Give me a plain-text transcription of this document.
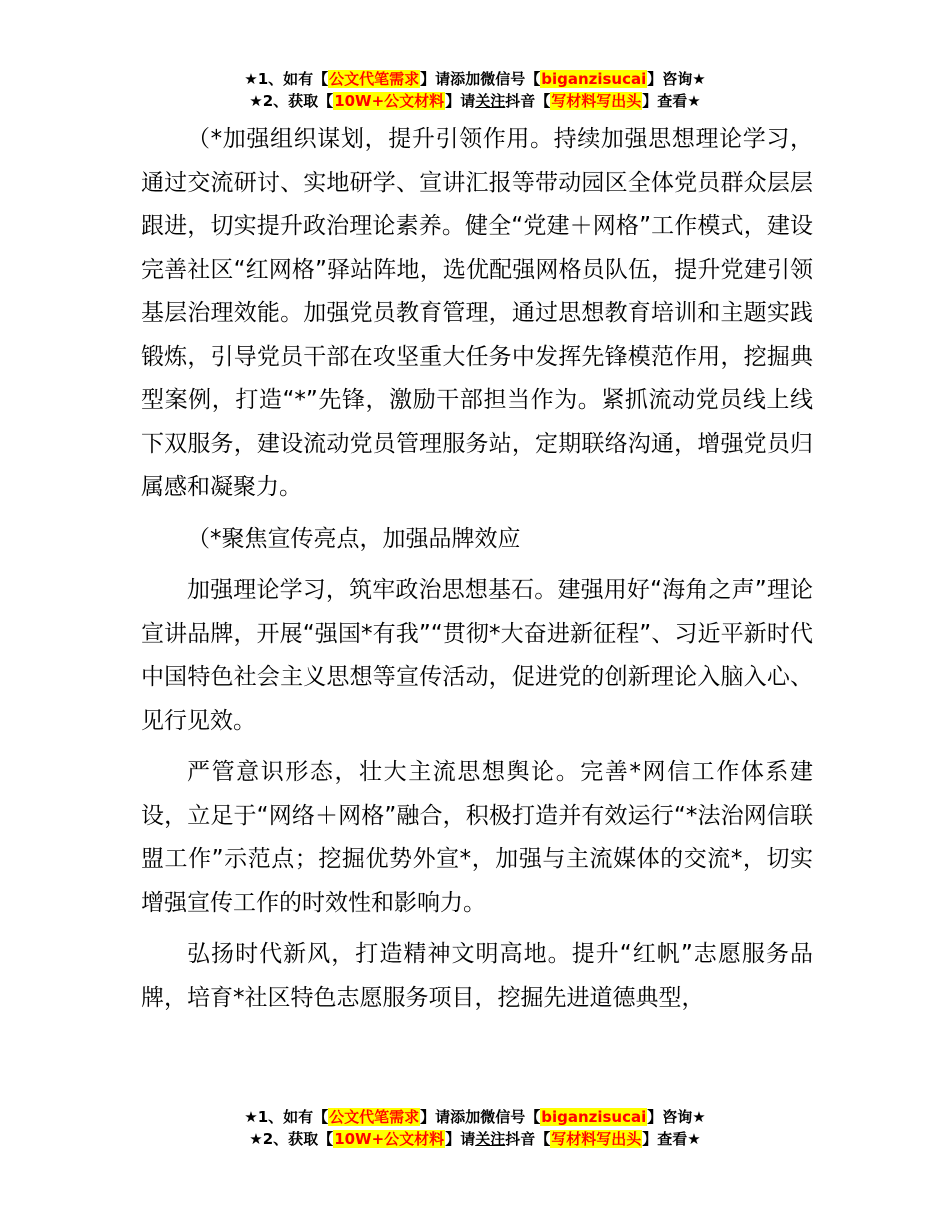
★1、如有【公文代笔需求】请添加微信号【biganzisucai】咨询★
★2、获取【10W+公文材料】请关注抖音【写材料写出头】查看★

（*加强组织谋划，提升引领作用。持续加强思想理论学习，通过交流研讨、实地研学、宣讲汇报等带动园区全体党员群众层层跟进，切实提升政治理论素养。健全“党建＋网格”工作模式，建设完善社区“红网格”驿站阵地，选优配强网格员队伍，提升党建引领基层治理效能。加强党员教育管理，通过思想教育培训和主题实践锻炼，引导党员干部在攻坚重大任务中发挥先锋模范作用，挖掘典型案例，打造“*”先锋，激励干部担当作为。紧抓流动党员线上线下双服务，建设流动党员管理服务站，定期联络沟通，增强党员归属感和凝聚力。

（*聚焦宣传亮点，加强品牌效应

加强理论学习，筑牢政治思想基石。建强用好“海角之声”理论宣讲品牌，开展“强国*有我”“贯彻*大奋进新征程”、习近平新时代中国特色社会主义思想等宣传活动，促进党的创新理论入脑入心、见行见效。

严管意识形态，壮大主流思想舆论。完善*网信工作体系建设，立足于“网络＋网格”融合，积极打造并有效运行“*法治网信联盟工作”示范点；挖掘优势外宣*，加强与主流媒体的交流*，切实增强宣传工作的时效性和影响力。

弘扬时代新风，打造精神文明高地。提升“红帆”志愿服务品牌，培育*社区特色志愿服务项目，挖掘先进道德典型，

★1、如有【公文代笔需求】请添加微信号【biganzisucai】咨询★
★2、获取【10W+公文材料】请关注抖音【写材料写出头】查看★
